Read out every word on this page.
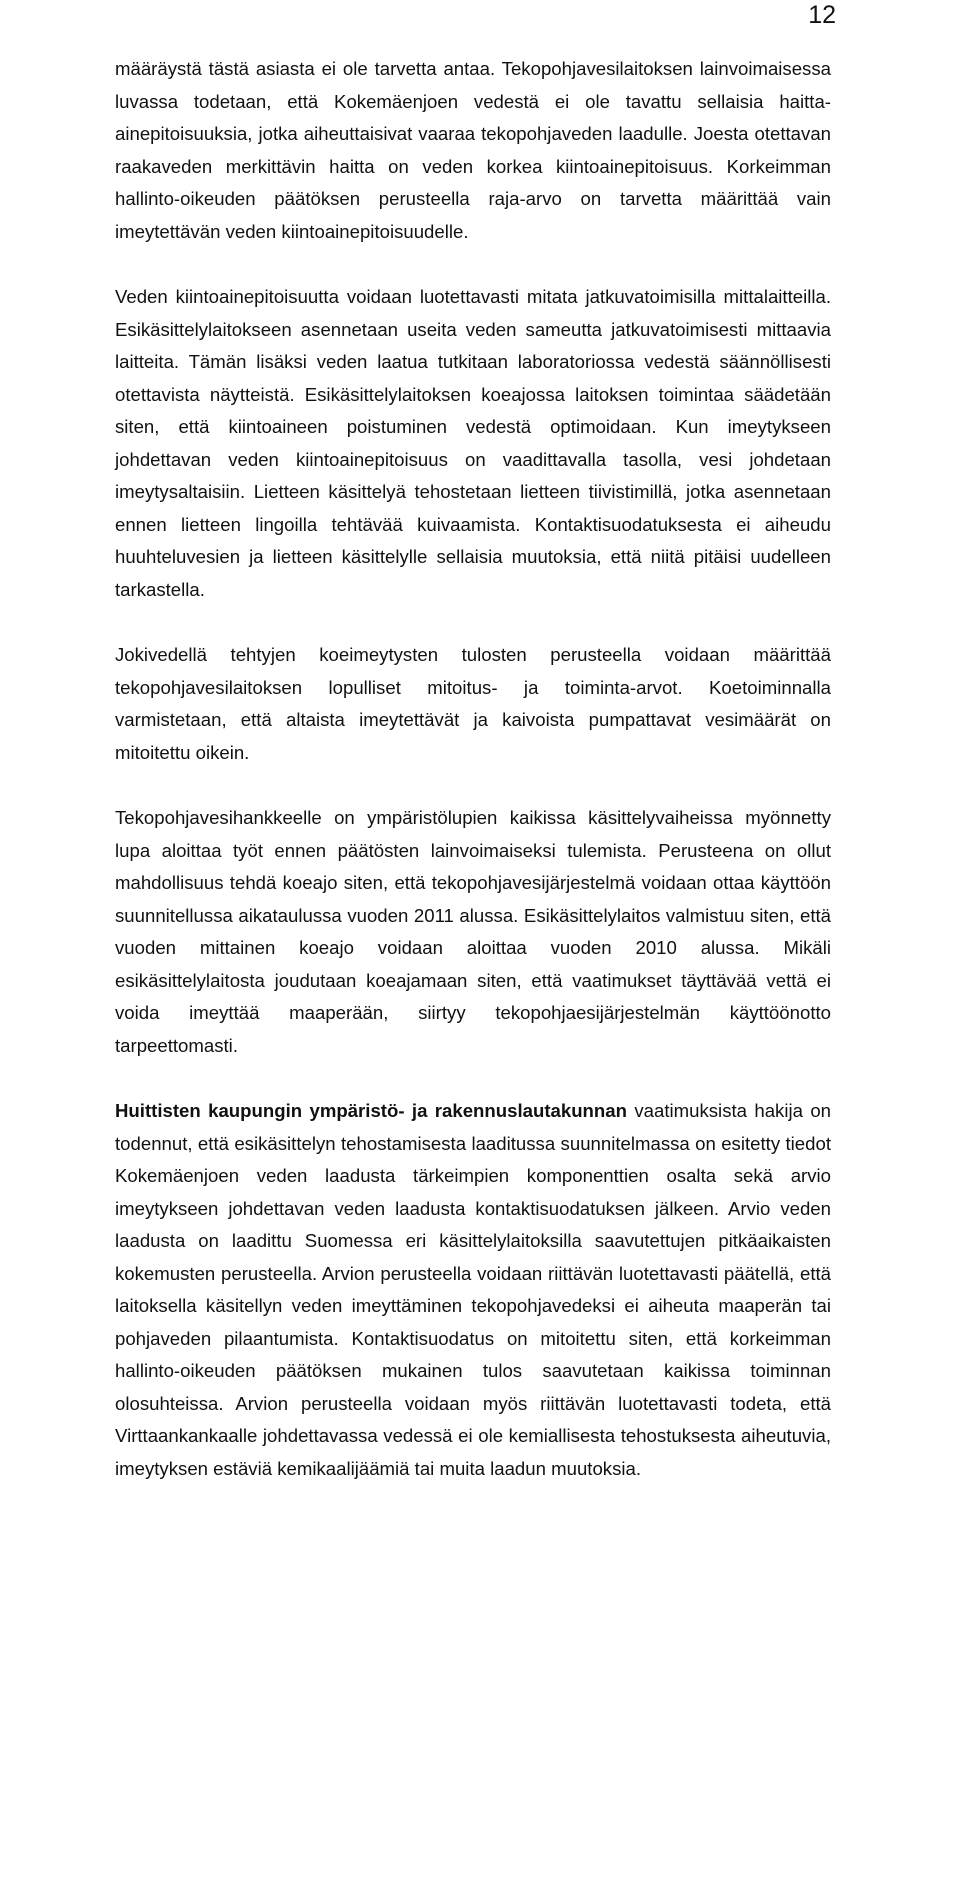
12

määräystä tästä asiasta ei ole tarvetta antaa. Tekopohjavesilaitoksen lainvoimaisessa luvassa todetaan, että Kokemäenjoen vedestä ei ole tavattu sellaisia haitta-ainepitoisuuksia, jotka aiheuttaisivat vaaraa tekopohjaveden laadulle. Joesta otettavan raakaveden merkittävin haitta on veden korkea kiintoainepitoisuus. Korkeimman hallinto-oikeuden päätöksen perusteella raja-arvo on tarvetta määrittää vain imeytettävän veden kiintoainepitoisuudelle.

Veden kiintoainepitoisuutta voidaan luotettavasti mitata jatkuvatoimisilla mittalaitteilla. Esikäsittelylaitokseen asennetaan useita veden sameutta jatkuvatoimisesti mittaavia laitteita. Tämän lisäksi veden laatua tutkitaan laboratoriossa vedestä säännöllisesti otettavista näytteistä. Esikäsittelylaitoksen koeajossa laitoksen toimintaa säädetään siten, että kiintoaineen poistuminen vedestä optimoidaan. Kun imeytykseen johdettavan veden kiintoainepitoisuus on vaadittavalla tasolla, vesi johdetaan imeytysaltaisiin. Lietteen käsittelyä tehostetaan lietteen tiivistimillä, jotka asennetaan ennen lietteen lingoilla tehtävää kuivaamista. Kontaktisuodatuksesta ei aiheudu huuhteluvesien ja lietteen käsittelylle sellaisia muutoksia, että niitä pitäisi uudelleen tarkastella.

Jokivedellä tehtyjen koeimeytysten tulosten perusteella voidaan määrittää tekopohjavesilaitoksen lopulliset mitoitus- ja toiminta-arvot. Koetoiminnalla varmistetaan, että altaista imeytettävät ja kaivoista pumpattavat vesimäärät on mitoitettu oikein.

Tekopohjavesihankkeelle on ympäristölupien kaikissa käsittelyvaiheissa myönnetty lupa aloittaa työt ennen päätösten lainvoimaiseksi tulemista. Perusteena on ollut mahdollisuus tehdä koeajo siten, että tekopohjavesijärjestelmä voidaan ottaa käyttöön suunnitellussa aikataulussa vuoden 2011 alussa. Esikäsittelylaitos valmistuu siten, että vuoden mittainen koeajo voidaan aloittaa vuoden 2010 alussa. Mikäli esikäsittelylaitosta joudutaan koeajamaan siten, että vaatimukset täyttävää vettä ei voida imeyttää maaperään, siirtyy tekopohjaesijärjestelmän käyttöönotto tarpeettomasti.

Huittisten kaupungin ympäristö- ja rakennuslautakunnan vaatimuksista hakija on todennut, että esikäsittelyn tehostamisesta laaditussa suunnitelmassa on esitetty tiedot Kokemäenjoen veden laadusta tärkeimpien komponenttien osalta sekä arvio imeytykseen johdettavan veden laadusta kontaktisuodatuksen jälkeen. Arvio veden laadusta on laadittu Suomessa eri käsittelylaitoksilla saavutettujen pitkäaikaisten kokemusten perusteella. Arvion perusteella voidaan riittävän luotettavasti päätellä, että laitoksella käsitellyn veden imeyttäminen tekopohjavedeksi ei aiheuta maaperän tai pohjaveden pilaantumista. Kontaktisuodatus on mitoitettu siten, että korkeimman hallinto-oikeuden päätöksen mukainen tulos saavutetaan kaikissa toiminnan olosuhteissa. Arvion perusteella voidaan myös riittävän luotettavasti todeta, että Virttaankankaalle johdettavassa vedessä ei ole kemiallisesta tehostuksesta aiheutuvia, imeytyksen estäviä kemikaalijäämiä tai muita laadun muutoksia.
